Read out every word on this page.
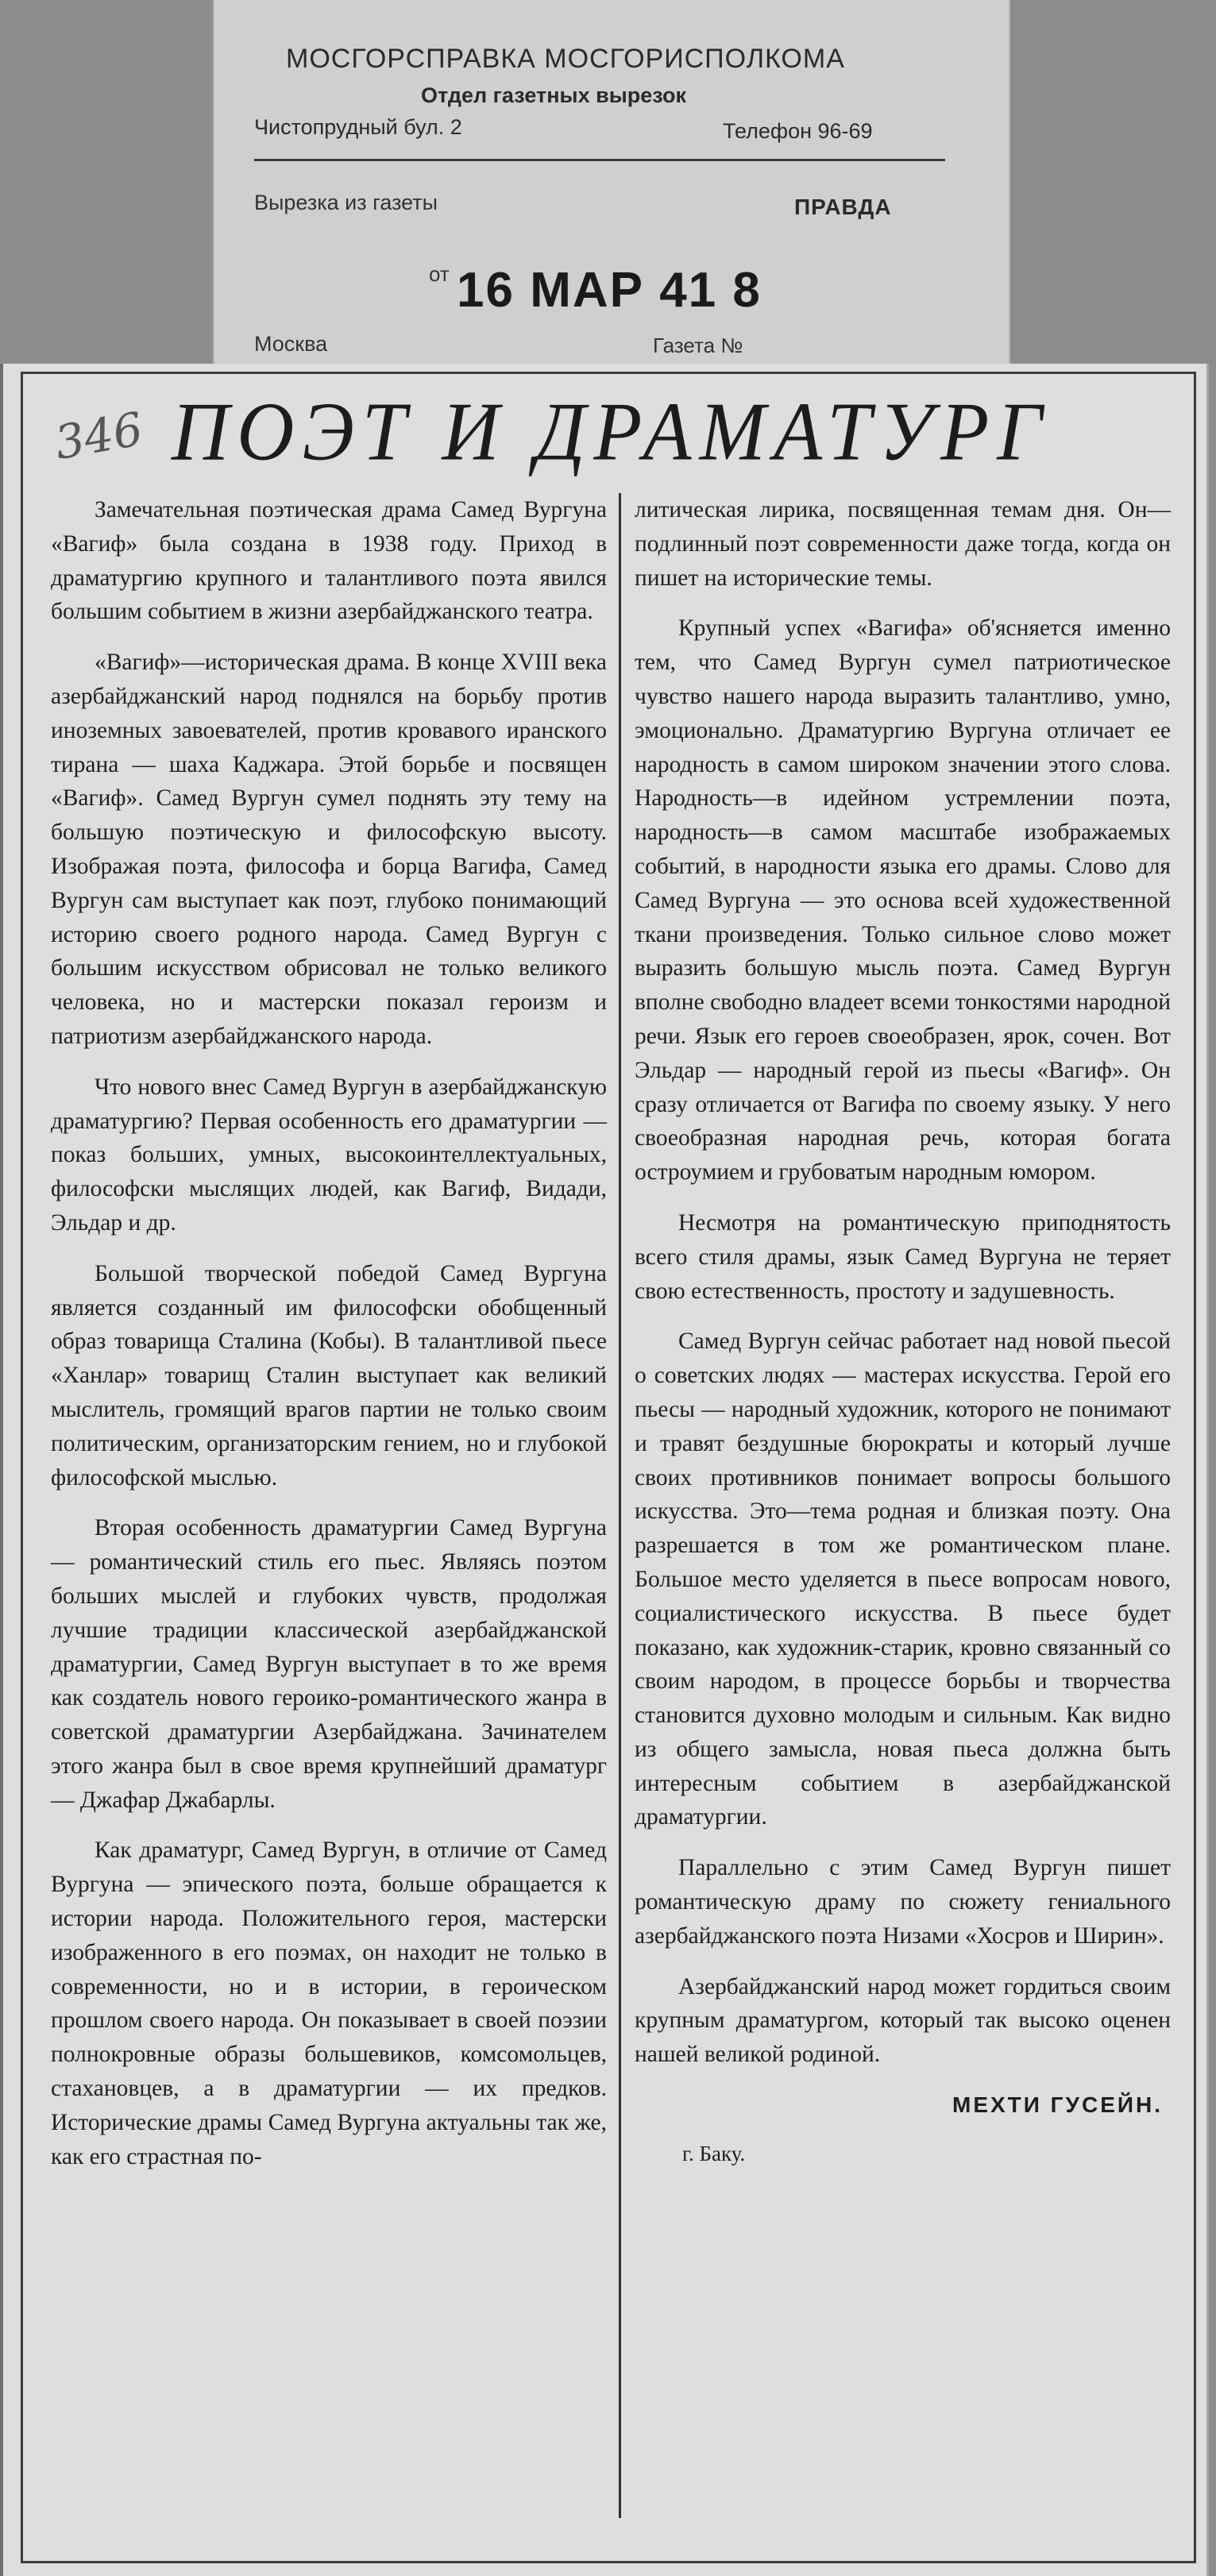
МОСГОРСПРАВКА МОСГОРИСПОЛКОМА
Отдел газетных вырезок
Чистопрудный бул. 2	Телефон 96-69
Вырезка из газеты	ПРАВДА
от 16 МАР 41 8
Москва	Газета №
346 ПОЭТ И ДРАМАТУРГ

Замечательная поэтическая драма Самед Вургуна «Вагиф» была создана в 1938 году. Приход в драматургию крупного и талантливого поэта явился большим событием в жизни азербайджанского театра.

«Вагиф»—историческая драма. В конце XVIII века азербайджанский народ поднялся на борьбу против иноземных завоевателей, против кровавого иранского тирана — шаха Каджара. Этой борьбе и посвящен «Вагиф». Самед Вургун сумел поднять эту тему на большую поэтическую и философскую высоту. Изображая поэта, философа и борца Вагифа, Самед Вургун сам выступает как поэт, глубоко понимающий историю своего родного народа. Самед Вургун с большим искусством обрисовал не только великого человека, но и мастерски показал героизм и патриотизм азербайджанского народа.

Что нового внес Самед Вургун в азербайджанскую драматургию? Первая особенность его драматургии — показ больших, умных, высокоинтеллектуальных, философски мыслящих людей, как Вагиф, Видади, Эльдар и др.

Большой творческой победой Самед Вургуна является созданный им философски обобщенный образ товарища Сталина (Кобы). В талантливой пьесе «Ханлар» товарищ Сталин выступает как великий мыслитель, громящий врагов партии не только своим политическим, организаторским гением, но и глубокой философской мыслью.

Вторая особенность драматургии Самед Вургуна — романтический стиль его пьес. Являясь поэтом больших мыслей и глубоких чувств, продолжая лучшие традиции классической азербайджанской драматургии, Самед Вургун выступает в то же время как создатель нового героико-романтического жанра в советской драматургии Азербайджана. Зачинателем этого жанра был в свое время крупнейший драматург — Джафар Джабарлы.

Как драматург, Самед Вургун, в отличие от Самед Вургуна — эпического поэта, больше обращается к истории народа. Положительного героя, мастерски изображенного в его поэмах, он находит не только в современности, но и в истории, в героическом прошлом своего народа. Он показывает в своей поэзии полнокровные образы большевиков, комсомольцев, стахановцев, а в драматургии — их предков. Исторические драмы Самед Вургуна актуальны так же, как его страстная по-

литическая лирика, посвященная темам дня. Он—подлинный поэт современности даже тогда, когда он пишет на исторические темы.

Крупный успех «Вагифа» об'ясняется именно тем, что Самед Вургун сумел патриотическое чувство нашего народа выразить талантливо, умно, эмоционально. Драматургию Вургуна отличает ее народность в самом широком значении этого слова. Народность—в идейном устремлении поэта, народность—в самом масштабе изображаемых событий, в народности языка его драмы. Слово для Самед Вургуна — это основа всей художественной ткани произведения. Только сильное слово может выразить большую мысль поэта. Самед Вургун вполне свободно владеет всеми тонкостями народной речи. Язык его героев своеобразен, ярок, сочен. Вот Эльдар — народный герой из пьесы «Вагиф». Он сразу отличается от Вагифа по своему языку. У него своеобразная народная речь, которая богата остроумием и грубоватым народным юмором.

Несмотря на романтическую приподнятость всего стиля драмы, язык Самед Вургуна не теряет свою естественность, простоту и задушевность.

Самед Вургун сейчас работает над новой пьесой о советских людях — мастерах искусства. Герой его пьесы — народный художник, которого не понимают и травят бездушные бюрократы и который лучше своих противников понимает вопросы большого искусства. Это—тема родная и близкая поэту. Она разрешается в том же романтическом плане. Большое место уделяется в пьесе вопросам нового, социалистического искусства. В пьесе будет показано, как художник-старик, кровно связанный со своим народом, в процессе борьбы и творчества становится духовно молодым и сильным. Как видно из общего замысла, новая пьеса должна быть интересным событием в азербайджанской драматургии.

Параллельно с этим Самед Вургун пишет романтическую драму по сюжету гениального азербайджанского поэта Низами «Хосров и Ширин».

Азербайджанский народ может гордиться своим крупным драматургом, который так высоко оценен нашей великой родиной.

МЕХТИ ГУСЕЙН.
г. Баку.
